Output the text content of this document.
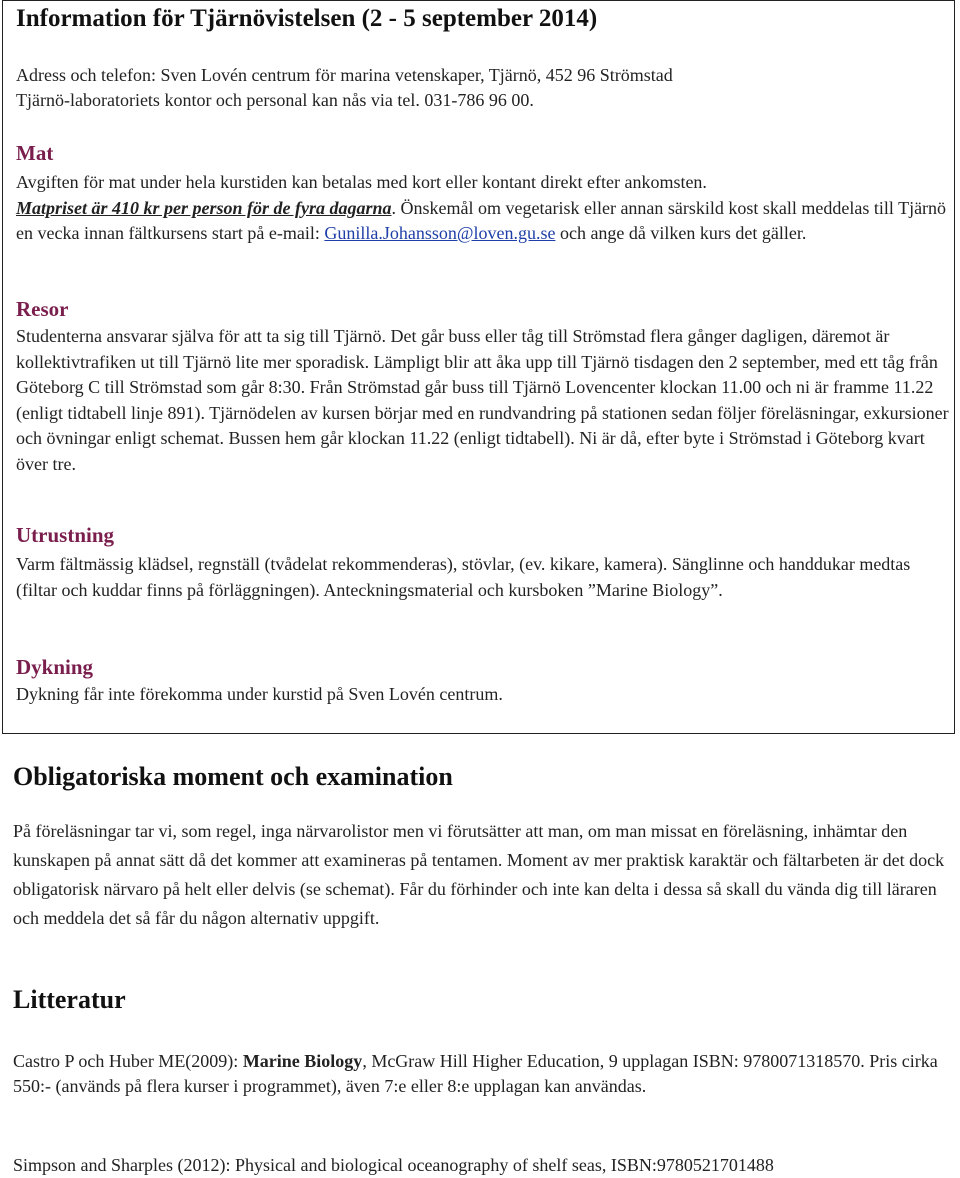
Information för Tjärnövistelsen (2 - 5 september 2014)

Adress och telefon: Sven Lovén centrum för marina vetenskaper, Tjärnö, 452 96 Strömstad
Tjärnö-laboratoriets kontor och personal kan nås via tel. 031-786 96 00.

Mat

Avgiften för mat under hela kurstiden kan betalas med kort eller kontant direkt efter ankomsten.
Matpriset är 410 kr per person för de fyra dagarna. Önskemål om vegetarisk eller annan särskild kost skall meddelas till Tjärnö en vecka innan fältkursens start på e-mail: Gunilla.Johansson@loven.gu.se och ange då vilken kurs det gäller.

Resor

Studenterna ansvarar själva för att ta sig till Tjärnö. Det går buss eller tåg till Strömstad flera gånger dagligen, däremot är kollektivtrafiken ut till Tjärnö lite mer sporadisk. Lämpligt blir att åka upp till Tjärnö tisdagen den 2 september, med ett tåg från Göteborg C till Strömstad som går 8:30. Från Strömstad går buss till Tjärnö Lovencenter klockan 11.00 och ni är framme 11.22 (enligt tidtabell linje 891). Tjärnödelen av kursen börjar med en rundvandring på stationen sedan följer föreläsningar, exkursioner och övningar enligt schemat. Bussen hem går klockan 11.22 (enligt tidtabell). Ni är då, efter byte i Strömstad i Göteborg kvart över tre.

Utrustning

Varm fältmässig klädsel, regnställ (tvådelat rekommenderas), stövlar, (ev. kikare, kamera). Sänglinne och handdukar medtas (filtar och kuddar finns på förläggningen). Anteckningsmaterial och kursboken ”Marine Biology”.

Dykning

Dykning får inte förekomma under kurstid på Sven Lovén centrum.

Obligatoriska moment och examination

På föreläsningar tar vi, som regel, inga närvarolistor men vi förutsätter att man, om man missat en föreläsning, inhämtar den kunskapen på annat sätt då det kommer att examineras på tentamen. Moment av mer praktisk karaktär och fältarbeten är det dock obligatorisk närvaro på helt eller delvis (se schemat). Får du förhinder och inte kan delta i dessa så skall du vända dig till läraren och meddela det så får du någon alternativ uppgift.

Litteratur

Castro P och Huber ME(2009): Marine Biology, McGraw Hill Higher Education, 9 upplagan ISBN: 9780071318570. Pris cirka 550:- (används på flera kurser i programmet), även 7:e eller 8:e upplagan kan användas.

Simpson and Sharples (2012): Physical and biological oceanography of shelf seas, ISBN:9780521701488
